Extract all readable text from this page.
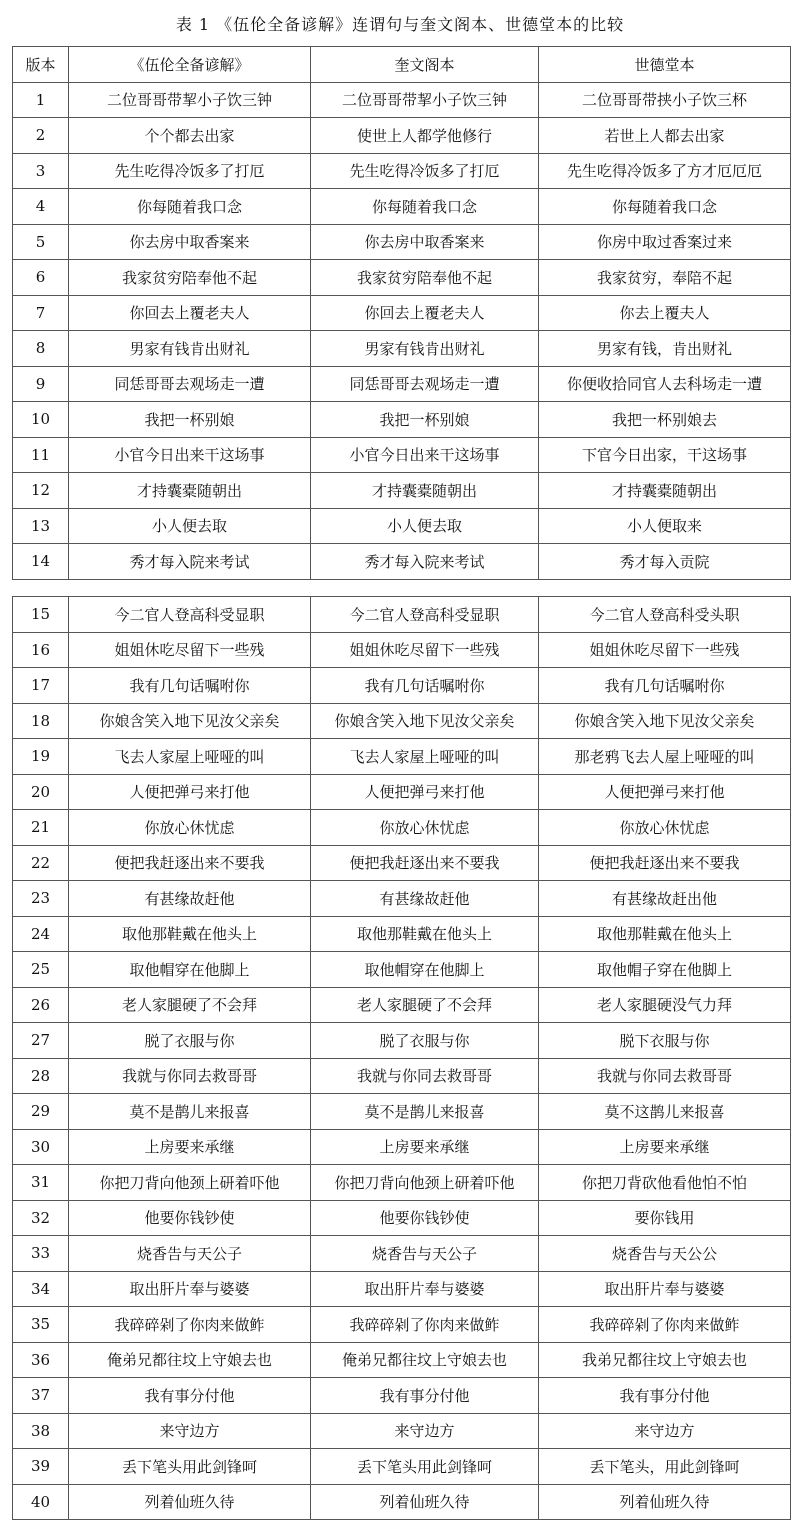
表 1 《伍伦全备谚解》连谓句与奎文阁本、世德堂本的比较
版本	《伍伦全备谚解》	奎文阁本	世德堂本
1	二位哥哥带挈小子饮三钟	二位哥哥带挈小子饮三钟	二位哥哥带挟小子饮三杯
2	个个都去出家	使世上人都学他修行	若世上人都去出家
3	先生吃得冷饭多了打厄	先生吃得冷饭多了打厄	先生吃得冷饭多了方才厄厄厄
4	你每随着我口念	你每随着我口念	你每随着我口念
5	你去房中取香案来	你去房中取香案来	你房中取过香案过来
6	我家贫穷陪奉他不起	我家贫穷陪奉他不起	我家贫穷，奉陪不起
7	你回去上覆老夫人	你回去上覆老夫人	你去上覆夫人
8	男家有钱肯出财礼	男家有钱肯出财礼	男家有钱，肯出财礼
9	同恁哥哥去观场走一遭	同恁哥哥去观场走一遭	你便收拾同官人去科场走一遭
10	我把一杯别娘	我把一杯别娘	我把一杯别娘去
11	小官今日出来干这场事	小官今日出来干这场事	下官今日出家，干这场事
12	才持囊橐随朝出	才持囊橐随朝出	才持囊橐随朝出
13	小人便去取	小人便去取	小人便取来
14	秀才每入院来考试	秀才每入院来考试	秀才每入贡院
15	今二官人登高科受显职	今二官人登高科受显职	今二官人登高科受头职
16	姐姐休吃尽留下一些残	姐姐休吃尽留下一些残	姐姐休吃尽留下一些残
17	我有几句话嘱咐你	我有几句话嘱咐你	我有几句话嘱咐你
18	你娘含笑入地下见汝父亲矣	你娘含笑入地下见汝父亲矣	你娘含笑入地下见汝父亲矣
19	飞去人家屋上哑哑的叫	飞去人家屋上哑哑的叫	那老鸦飞去人屋上哑哑的叫
20	人便把弹弓来打他	人便把弹弓来打他	人便把弹弓来打他
21	你放心休忧虑	你放心休忧虑	你放心休忧虑
22	便把我赶逐出来不要我	便把我赶逐出来不要我	便把我赶逐出来不要我
23	有甚缘故赶他	有甚缘故赶他	有甚缘故赶出他
24	取他那鞋戴在他头上	取他那鞋戴在他头上	取他那鞋戴在他头上
25	取他帽穿在他脚上	取他帽穿在他脚上	取他帽子穿在他脚上
26	老人家腿硬了不会拜	老人家腿硬了不会拜	老人家腿硬没气力拜
27	脱了衣服与你	脱了衣服与你	脱下衣服与你
28	我就与你同去救哥哥	我就与你同去救哥哥	我就与你同去救哥哥
29	莫不是鹊儿来报喜	莫不是鹊儿来报喜	莫不这鹊儿来报喜
30	上房要来承继	上房要来承继	上房要来承继
31	你把刀背向他颈上研着吓他	你把刀背向他颈上研着吓他	你把刀背砍他看他怕不怕
32	他要你钱钞使	他要你钱钞使	要你钱用
33	烧香告与天公子	烧香告与天公子	烧香告与天公公
34	取出肝片奉与婆婆	取出肝片奉与婆婆	取出肝片奉与婆婆
35	我碎碎剁了你肉来做鲊	我碎碎剁了你肉来做鲊	我碎碎剁了你肉来做鲊
36	俺弟兄都往坟上守娘去也	俺弟兄都往坟上守娘去也	我弟兄都往坟上守娘去也
37	我有事分付他	我有事分付他	我有事分付他
38	来守边方	来守边方	来守边方
39	丢下笔头用此剑锋呵	丢下笔头用此剑锋呵	丢下笔头，用此剑锋呵
40	列着仙班久待	列着仙班久待	列着仙班久待
